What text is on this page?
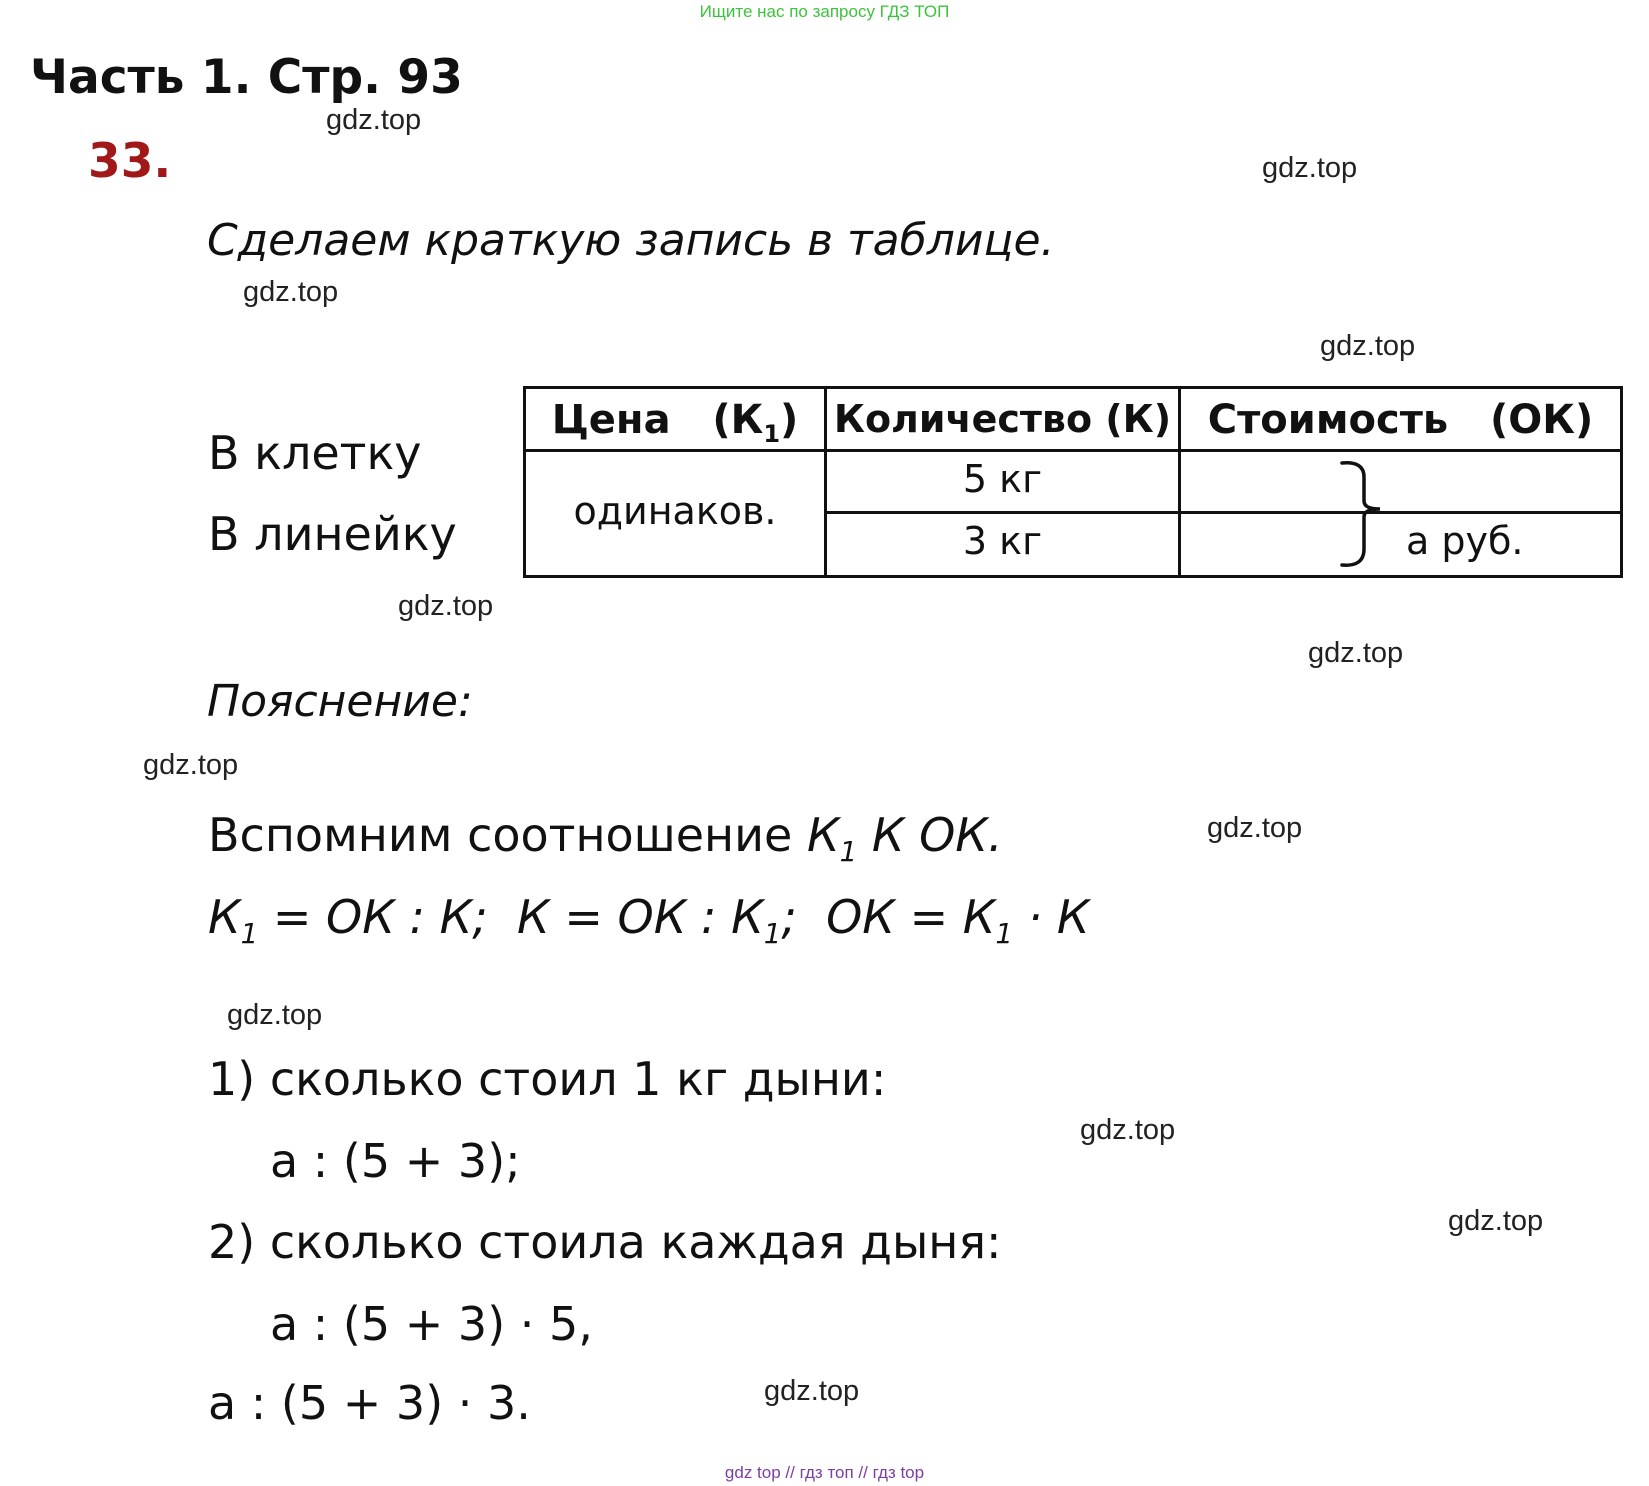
Ищите нас по запросу ГДЗ ТОП
Часть 1. Стр. 93
33.
gdz.top
gdz.top
gdz.top
gdz.top
gdz.top
gdz.top
gdz.top
gdz.top
gdz.top
gdz.top
gdz.top
gdz.top
Сделаем краткую запись в таблице.
В клетку
В линейку
Цена $(К_1)$ Количество (К) Стоимость (ОК)
одинаков.
5 кг
3 кг	а руб.
Пояснение:
Вспомним соотношение $К_1$ К ОК.
$К_1$ = ОК : К; К = ОК : $К_1$; ОК = $К_1 \cdot К$
1) сколько стоил 1 кг дыни:
а : (5 + 3);
2) сколько стоила каждая дыня:
а : (5 + 3) · 5,
а : (5 + 3) · 3.
gdz top // гдз топ // гдз top
